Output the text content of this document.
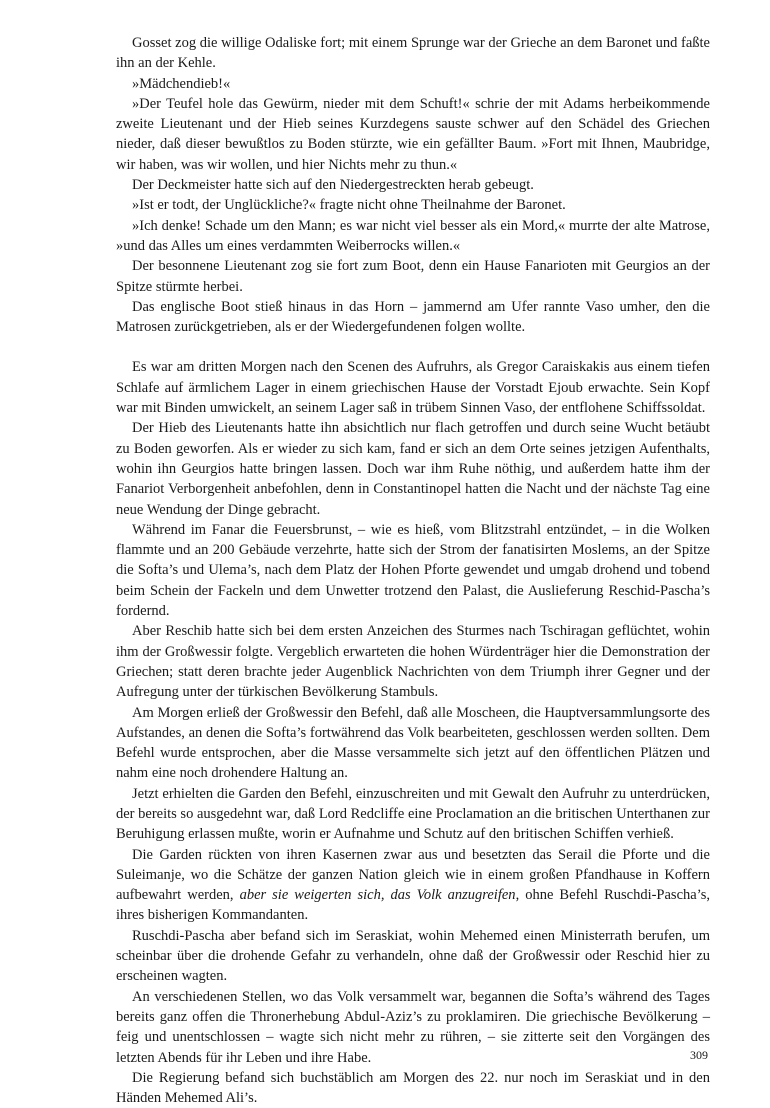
Gosset zog die willige Odaliske fort; mit einem Sprunge war der Grieche an dem Baronet und faßte ihn an der Kehle.

»Mädchendieb!«

»Der Teufel hole das Gewürm, nieder mit dem Schuft!« schrie der mit Adams herbeikommende zweite Lieutenant und der Hieb seines Kurzdegens sauste schwer auf den Schädel des Griechen nieder, daß dieser bewußtlos zu Boden stürzte, wie ein gefällter Baum. »Fort mit Ihnen, Maubridge, wir haben, was wir wollen, und hier Nichts mehr zu thun.«

Der Deckmeister hatte sich auf den Niedergestreckten herab gebeugt.

»Ist er todt, der Unglückliche?« fragte nicht ohne Theilnahme der Baronet.

»Ich denke! Schade um den Mann; es war nicht viel besser als ein Mord,« murrte der alte Matrose, »und das Alles um eines verdammten Weiberrocks willen.«

Der besonnene Lieutenant zog sie fort zum Boot, denn ein Hause Fanarioten mit Geurgios an der Spitze stürmte herbei.

Das englische Boot stieß hinaus in das Horn – jammernd am Ufer rannte Vaso umher, den die Matrosen zurückgetrieben, als er der Wiedergefundenen folgen wollte.

Es war am dritten Morgen nach den Scenen des Aufruhrs, als Gregor Caraiskakis aus einem tiefen Schlafe auf ärmlichem Lager in einem griechischen Hause der Vorstadt Ejoub erwachte. Sein Kopf war mit Binden umwickelt, an seinem Lager saß in trübem Sinnen Vaso, der entflohene Schiffssoldat.

Der Hieb des Lieutenants hatte ihn absichtlich nur flach getroffen und durch seine Wucht betäubt zu Boden geworfen. Als er wieder zu sich kam, fand er sich an dem Orte seines jetzigen Aufenthalts, wohin ihn Geurgios hatte bringen lassen. Doch war ihm Ruhe nöthig, und außerdem hatte ihm der Fanariot Verborgenheit anbefohlen, denn in Constantinopel hatten die Nacht und der nächste Tag eine neue Wendung der Dinge gebracht.

Während im Fanar die Feuersbrunst, – wie es hieß, vom Blitzstrahl entzündet, – in die Wolken flammte und an 200 Gebäude verzehrte, hatte sich der Strom der fanatisirten Moslems, an der Spitze die Softa’s und Ulema’s, nach dem Platz der Hohen Pforte gewendet und umgab drohend und tobend beim Schein der Fackeln und dem Unwetter trotzend den Palast, die Auslieferung Reschid-Pascha’s fordernd.

Aber Reschib hatte sich bei dem ersten Anzeichen des Sturmes nach Tschiragan geflüchtet, wohin ihm der Großwessir folgte. Vergeblich erwarteten die hohen Würdenträger hier die Demonstration der Griechen; statt deren brachte jeder Augenblick Nachrichten von dem Triumph ihrer Gegner und der Aufregung unter der türkischen Bevölkerung Stambuls.

Am Morgen erließ der Großwessir den Befehl, daß alle Moscheen, die Hauptversammlungsorte des Aufstandes, an denen die Softa’s fortwährend das Volk bearbeiteten, geschlossen werden sollten. Dem Befehl wurde entsprochen, aber die Masse versammelte sich jetzt auf den öffentlichen Plätzen und nahm eine noch drohendere Haltung an.

Jetzt erhielten die Garden den Befehl, einzuschreiten und mit Gewalt den Aufruhr zu unterdrücken, der bereits so ausgedehnt war, daß Lord Redcliffe eine Proclamation an die britischen Unterthanen zur Beruhigung erlassen mußte, worin er Aufnahme und Schutz auf den britischen Schiffen verhieß.

Die Garden rückten von ihren Kasernen zwar aus und besetzten das Serail die Pforte und die Suleimanje, wo die Schätze der ganzen Nation gleich wie in einem großen Pfandhause in Koffern aufbewahrt werden, aber sie weigerten sich, das Volk anzugreifen, ohne Befehl Ruschdi-Pascha’s, ihres bisherigen Kommandanten.

Ruschdi-Pascha aber befand sich im Seraskiat, wohin Mehemed einen Ministerrath berufen, um scheinbar über die drohende Gefahr zu verhandeln, ohne daß der Großwessir oder Reschid hier zu erscheinen wagten.

An verschiedenen Stellen, wo das Volk versammelt war, begannen die Softa’s während des Tages bereits ganz offen die Thronerhebung Abdul-Aziz’s zu proklamiren. Die griechische Bevölkerung – feig und unentschlossen – wagte sich nicht mehr zu rühren, – sie zitterte seit den Vorgängen des letzten Abends für ihr Leben und ihre Habe.

Die Regierung befand sich buchstäblich am Morgen des 22. nur noch im Seraskiat und in den Händen Mehemed Ali’s.

309
